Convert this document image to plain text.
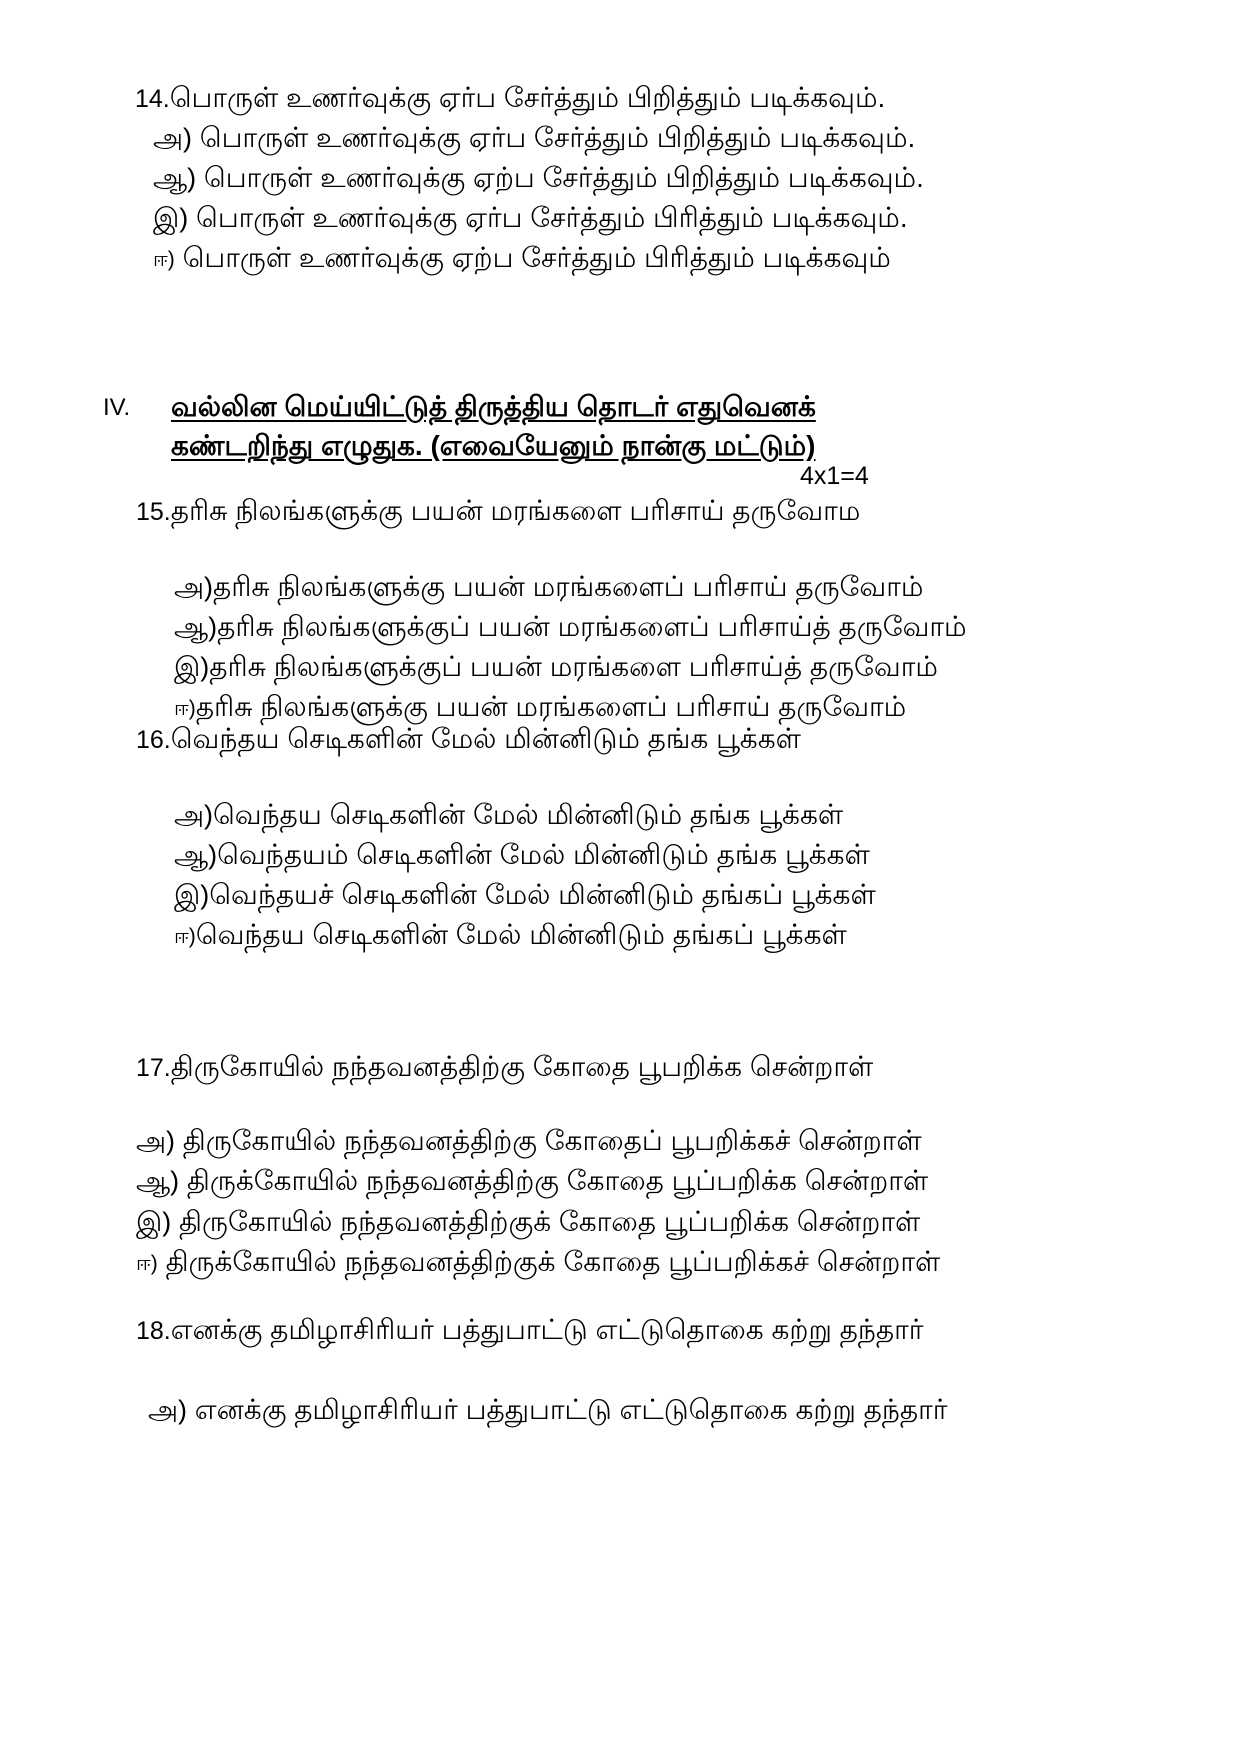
14.பொருள் உணர்வுக்கு ஏர்ப சேர்த்தும் பிறித்தும் படிக்கவும்.
அ) பொருள் உணர்வுக்கு ஏர்ப சேர்த்தும் பிறித்தும் படிக்கவும்.
ஆ) பொருள் உணர்வுக்கு ஏற்ப சேர்த்தும் பிறித்தும் படிக்கவும்.
இ) பொருள் உணர்வுக்கு ஏர்ப சேர்த்தும் பிரித்தும் படிக்கவும்.
ஈ) பொருள் உணர்வுக்கு ஏற்ப சேர்த்தும் பிரித்தும் படிக்கவும்
IV. வல்லின மெய்யிட்டுத் திருத்திய தொடர் எதுவெனக்
கண்டறிந்து எழுதுக. (எவையேனும் நான்கு மட்டும்)
4x1=4
15.தரிசு நிலங்களுக்கு பயன் மரங்களை பரிசாய் தருவோம
அ)தரிசு நிலங்களுக்கு பயன் மரங்களைப் பரிசாய் தருவோம்
ஆ)தரிசு நிலங்களுக்குப் பயன் மரங்களைப் பரிசாய்த் தருவோம்
இ)தரிசு நிலங்களுக்குப் பயன் மரங்களை பரிசாய்த் தருவோம்
ஈ)தரிசு நிலங்களுக்கு பயன் மரங்களைப் பரிசாய் தருவோம்
16.வெந்தய செடிகளின் மேல் மின்னிடும் தங்க பூக்கள்
அ)வெந்தய செடிகளின் மேல் மின்னிடும் தங்க பூக்கள்
ஆ)வெந்தயம் செடிகளின் மேல் மின்னிடும் தங்க பூக்கள்
இ)வெந்தயச் செடிகளின் மேல் மின்னிடும் தங்கப் பூக்கள்
ஈ)வெந்தய செடிகளின் மேல் மின்னிடும் தங்கப் பூக்கள்
17.திருகோயில் நந்தவனத்திற்கு கோதை பூபறிக்க சென்றாள்
அ) திருகோயில் நந்தவனத்திற்கு கோதைப் பூபறிக்கச் சென்றாள்
ஆ) திருக்கோயில் நந்தவனத்திற்கு கோதை பூப்பறிக்க சென்றாள்
இ) திருகோயில் நந்தவனத்திற்குக் கோதை பூப்பறிக்க சென்றாள்
ஈ) திருக்கோயில் நந்தவனத்திற்குக் கோதை பூப்பறிக்கச் சென்றாள்
18.எனக்கு தமிழாசிரியர் பத்துபாட்டு எட்டுதொகை கற்று தந்தார்
அ) எனக்கு தமிழாசிரியர் பத்துபாட்டு எட்டுதொகை கற்று தந்தார்
